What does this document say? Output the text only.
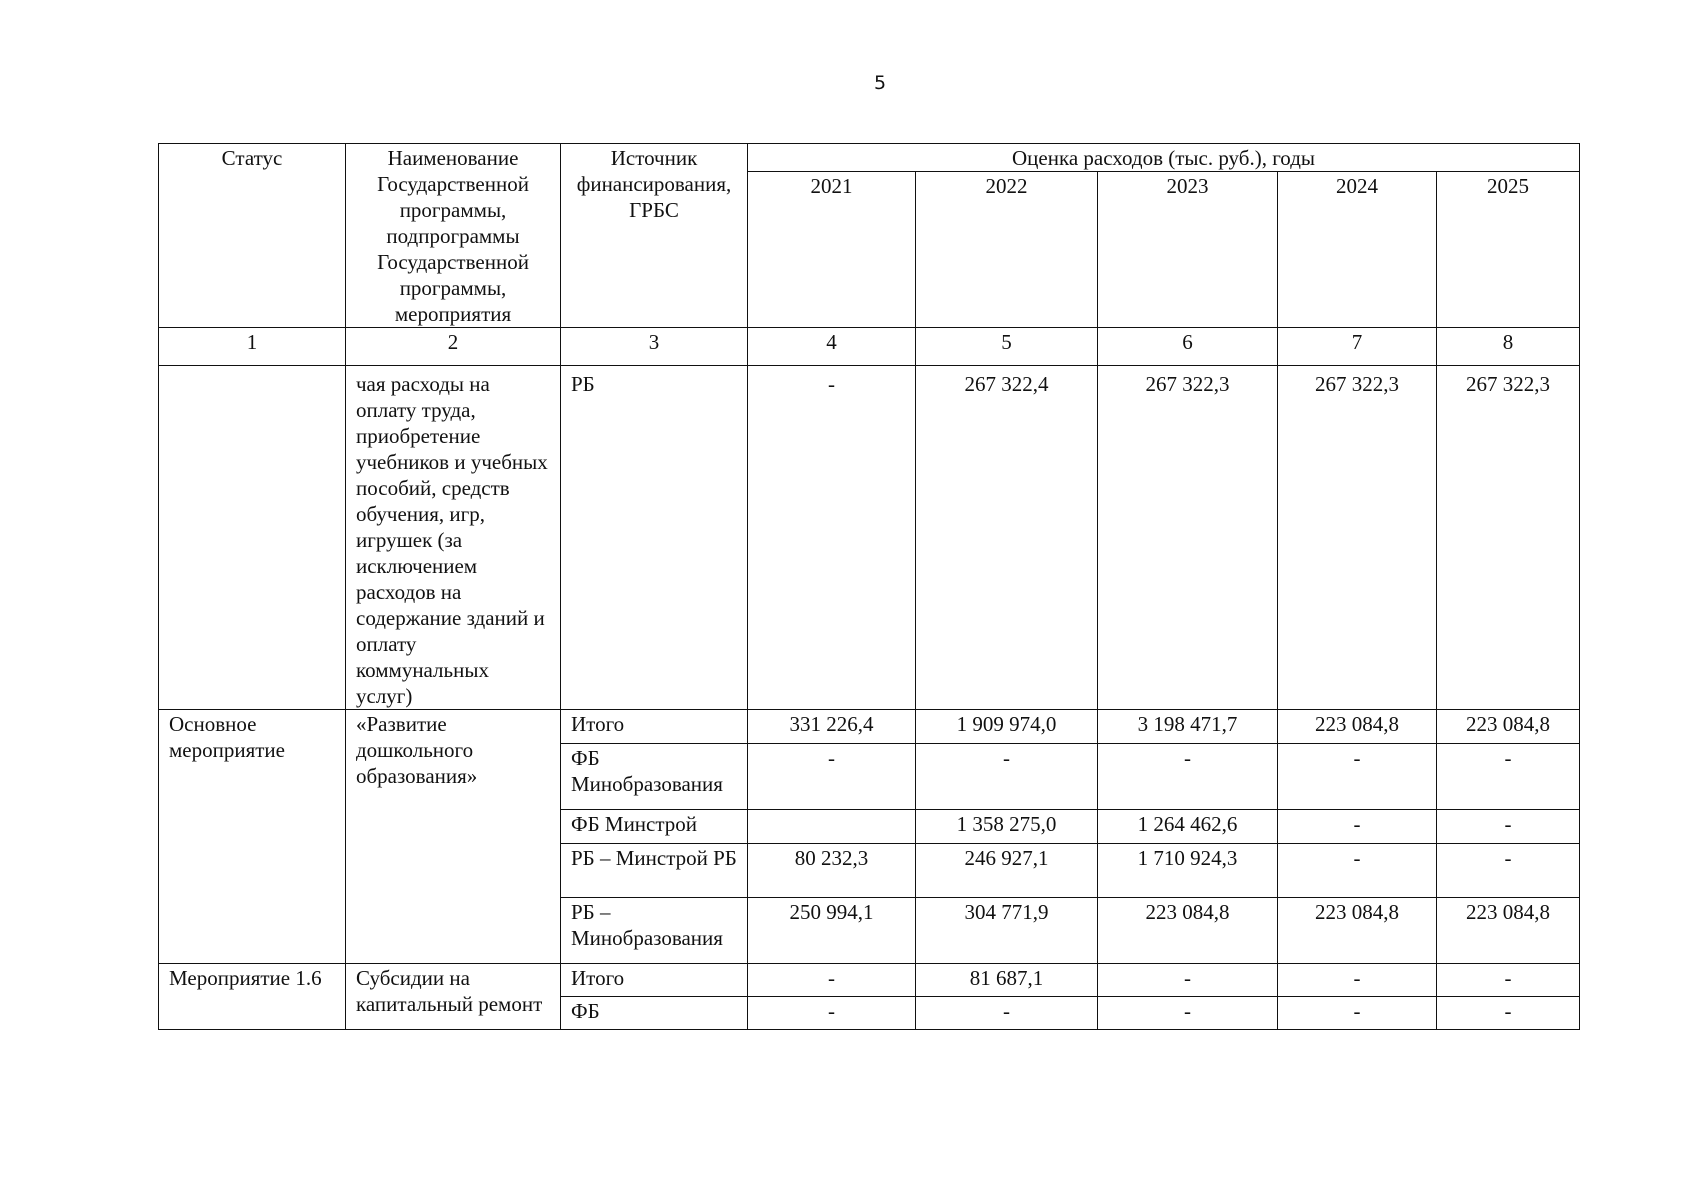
5
Статус	Наименование Государственной программы, подпрограммы Государственной программы, мероприятия	Источник финансирования, ГРБС	Оценка расходов (тыс. руб.), годы				
			2021	2022	2023	2024	2025
1	2	3	4	5	6	7	8
	чая расходы на оплату труда, приобретение учебников и учебных пособий, средств обучения, игр, игрушек (за исключением расходов на содержание зданий и оплату коммунальных услуг)	РБ	-	267 322,4	267 322,3	267 322,3	267 322,3
Основное мероприятие	«Развитие дошкольного образования»	Итого	331 226,4	1 909 974,0	3 198 471,7	223 084,8	223 084,8
		ФБ Минобразования	-	-	-	-	-
		ФБ Минстрой		1 358 275,0	1 264 462,6	-	-
		РБ – Минстрой РБ	80 232,3	246 927,1	1 710 924,3	-	-
		РБ – Минобразования	250 994,1	304 771,9	223 084,8	223 084,8	223 084,8
Мероприятие 1.6	Субсидии на капитальный ремонт	Итого	-	81 687,1	-	-	-
		ФБ	-	-	-	-	-
